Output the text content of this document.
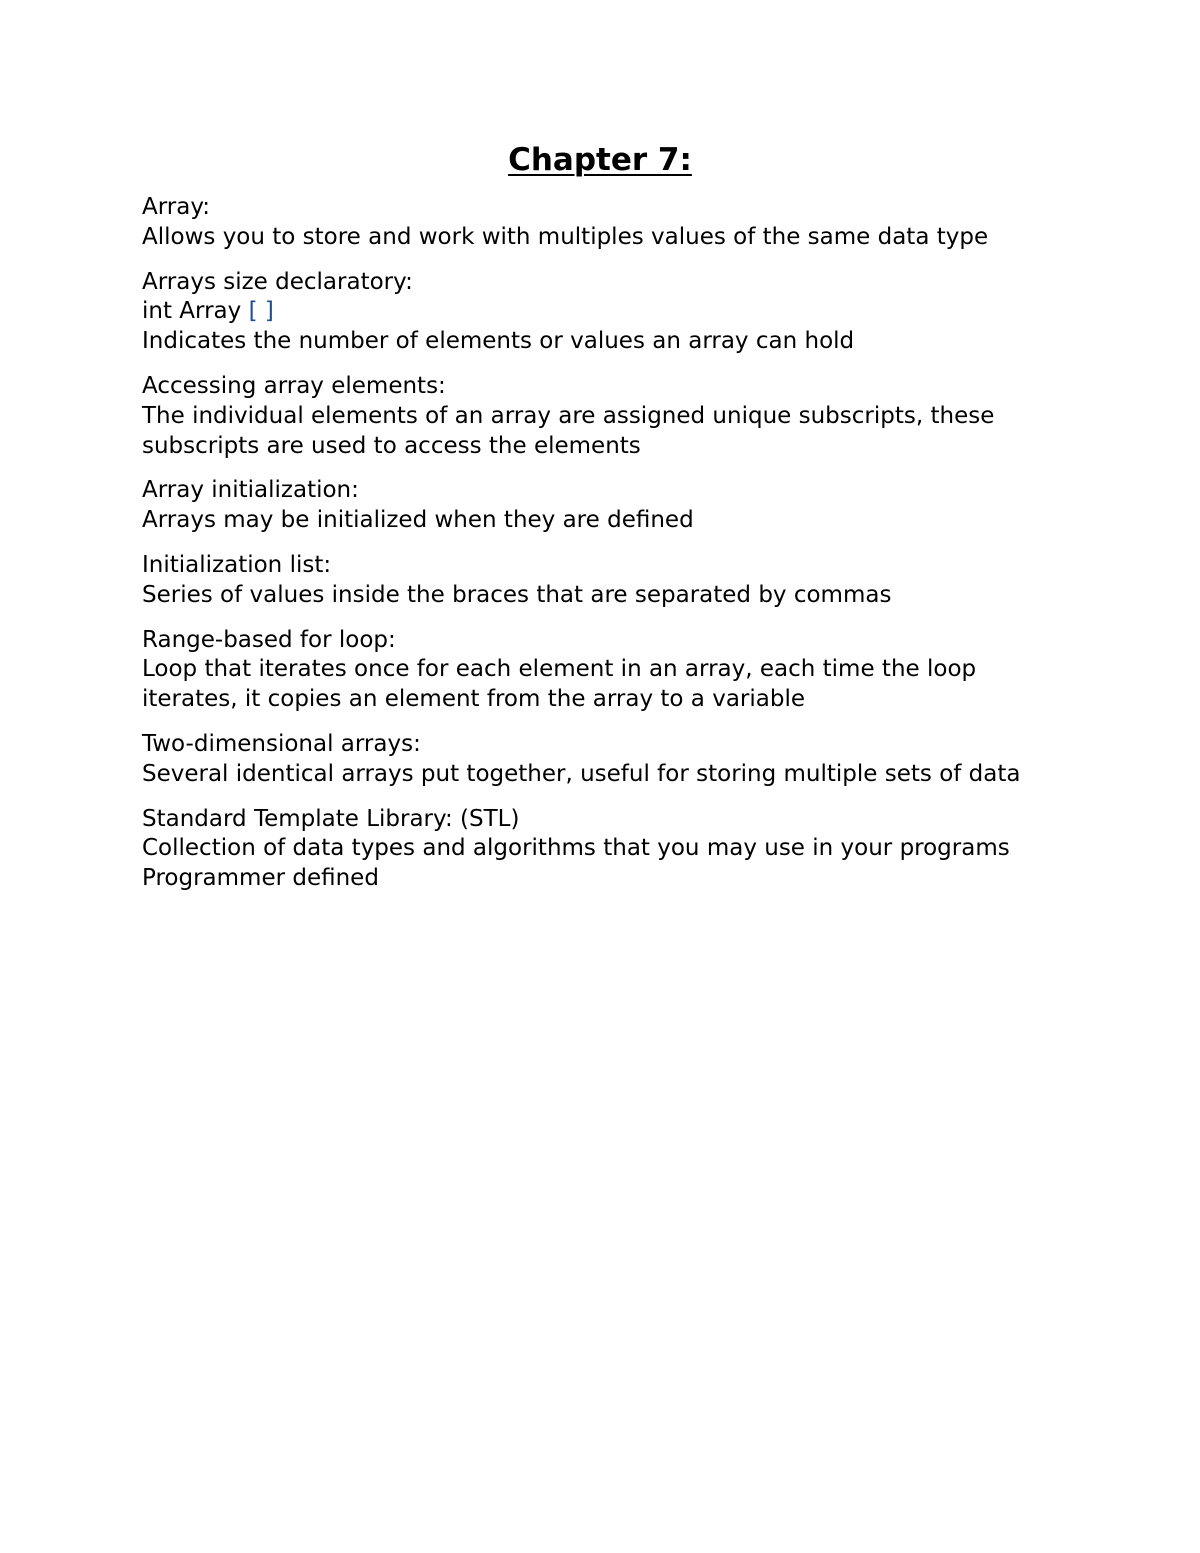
Chapter 7:
Array:
Allows you to store and work with multiples values of the same data type
Arrays size declaratory:
int Array [ ]
Indicates the number of elements or values an array can hold
Accessing array elements:
The individual elements of an array are assigned unique subscripts, these
subscripts are used to access the elements
Array initialization:
Arrays may be initialized when they are defined
Initialization list:
Series of values inside the braces that are separated by commas
Range-based for loop:
Loop that iterates once for each element in an array, each time the loop
iterates, it copies an element from the array to a variable
Two-dimensional arrays:
Several identical arrays put together, useful for storing multiple sets of data
Standard Template Library: (STL)
Collection of data types and algorithms that you may use in your programs
Programmer defined
